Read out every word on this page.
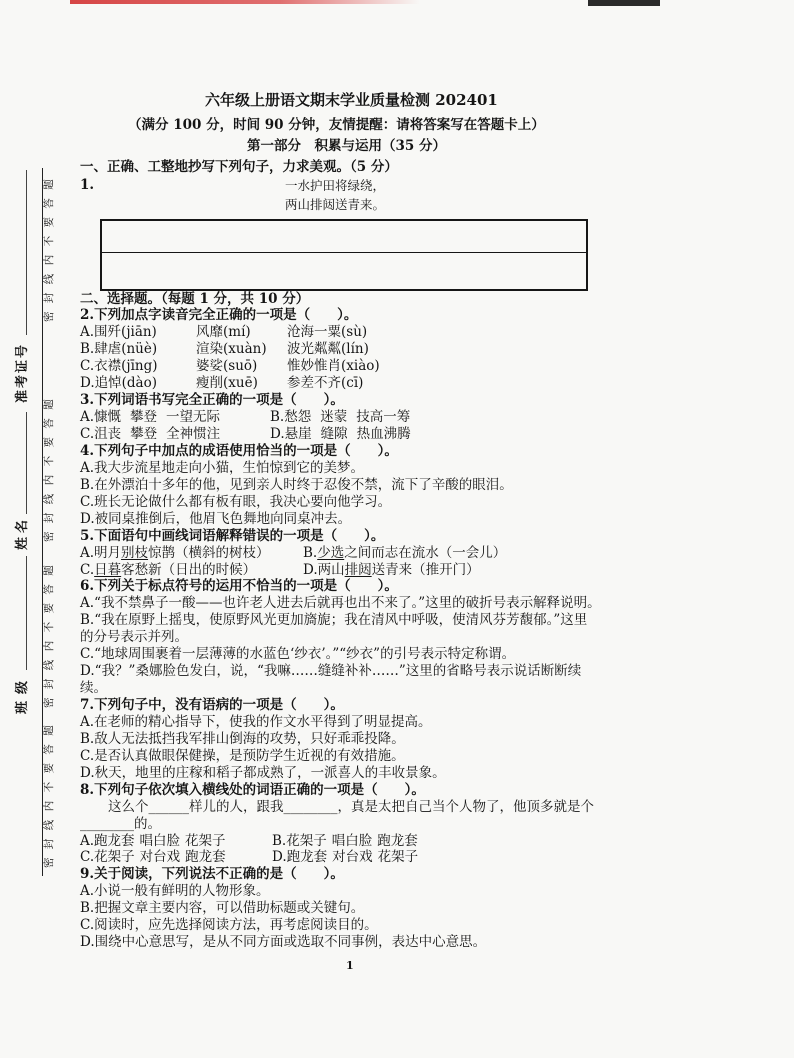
密封线内不要答题
密封线内不要答题
密封线内不要答题
密封线内不要答题
准考证号
姓名
班级
六年级上册语文期末学业质量检测 202401
（满分 100 分，时间 90 分钟，友情提醒：请将答案写在答题卡上）
第一部分　积累与运用（35 分）
一、正确、工整地抄写下列句子，力求美观。（5 分）
1.	一水护田将绿绕，
两山排闼送青来。
二、选择题。（每题 1 分，共 10 分）
2.下列加点字读音完全正确的一项是（　　）。
A.围歼(jiān)	风靡(mí)	沧海一粟(sù)
B.肆虐(nüè)	渲染(xuàn)	波光粼粼(lín)
C.衣襟(jīng)	婆娑(suō)	惟妙惟肖(xiào)
D.追悼(dào)	瘦削(xuē)	参差不齐(cī)
3.下列词语书写完全正确的一项是（　　）。
A.慷慨 攀登 一望无际	B.愁怨 迷蒙 技高一筹
C.沮丧 攀登 全神惯注	D.悬崖 缝隙 热血沸腾
4.下列句子中加点的成语使用恰当的一项是（　　）。
A.我大步流星地走向小猫，生怕惊到它的美梦。
B.在外漂泊十多年的他，见到亲人时终于忍俊不禁，流下了辛酸的眼泪。
C.班长无论做什么都有板有眼，我决心要向他学习。
D.被同桌推倒后，他眉飞色舞地向同桌冲去。
5.下面语句中画线词语解释错误的一项是（　　）。
A.明月别枝惊鹊（横斜的树枝）	B.少选之间而志在流水（一会儿）
C.日暮客愁新（日出的时候）	D.两山排闼送青来（推开门）
6.下列关于标点符号的运用不恰当的一项是（　　）。
A.“我不禁鼻子一酸——也许老人进去后就再也出不来了。”这里的破折号表示解释说明。
B.“我在原野上摇曳，使原野风光更加旖旎；我在清风中呼吸，使清风芬芳馥郁。”这里
的分号表示并列。
C.“地球周围裹着一层薄薄的水蓝色‘纱衣’。”“纱衣”的引号表示特定称谓。
D.“我？”桑娜脸色发白，说，“我嘛……缝缝补补……”这里的省略号表示说话断断续
续。
7.下列句子中，没有语病的一项是（　　）。
A.在老师的精心指导下，使我的作文水平得到了明显提高。
B.敌人无法抵挡我军排山倒海的攻势，只好乖乖投降。
C.是否认真做眼保健操，是预防学生近视的有效措施。
D.秋天，地里的庄稼和稻子都成熟了，一派喜人的丰收景象。
8.下列句子依次填入横线处的词语正确的一项是（　　）。
这么个______样儿的人，跟我________，真是太把自己当个人物了，他顶多就是个
________的。
A.跑龙套 唱白脸 花架子	B.花架子 唱白脸 跑龙套
C.花架子 对台戏 跑龙套	D.跑龙套 对台戏 花架子
9.关于阅读，下列说法不正确的是（　　）。
A.小说一般有鲜明的人物形象。
B.把握文章主要内容，可以借助标题或关键句。
C.阅读时，应先选择阅读方法，再考虑阅读目的。
D.围绕中心意思写，是从不同方面或选取不同事例，表达中心意思。
1
